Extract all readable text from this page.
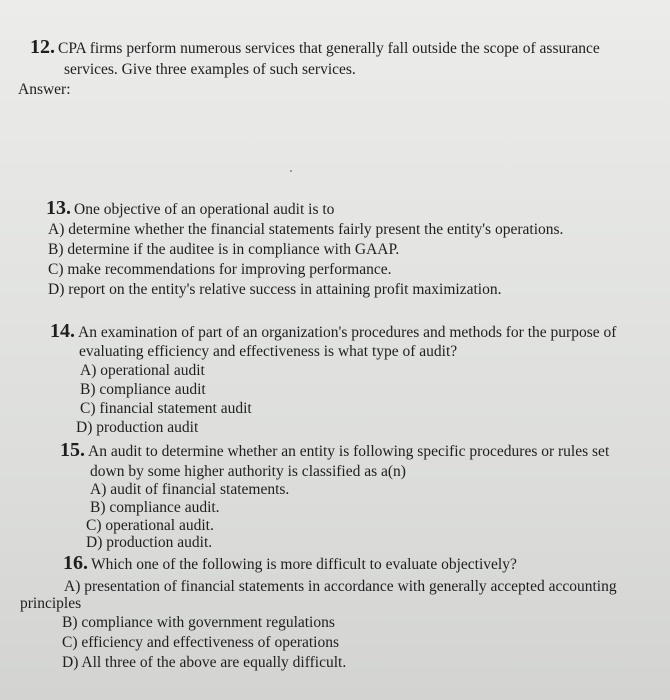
12. CPA firms perform numerous services that generally fall outside the scope of assurance
services. Give three examples of such services.
Answer:
13. One objective of an operational audit is to
A) determine whether the financial statements fairly present the entity's operations.
B) determine if the auditee is in compliance with GAAP.
C) make recommendations for improving performance.
D) report on the entity's relative success in attaining profit maximization.
14. An examination of part of an organization's procedures and methods for the purpose of
evaluating efficiency and effectiveness is what type of audit?
A) operational audit
B) compliance audit
C) financial statement audit
D) production audit
15. An audit to determine whether an entity is following specific procedures or rules set
down by some higher authority is classified as a(n)
A) audit of financial statements.
B) compliance audit.
C) operational audit.
D) production audit.
16. Which one of the following is more difficult to evaluate objectively?
A) presentation of financial statements in accordance with generally accepted accounting
principles
B) compliance with government regulations
C) efficiency and effectiveness of operations
D) All three of the above are equally difficult.
